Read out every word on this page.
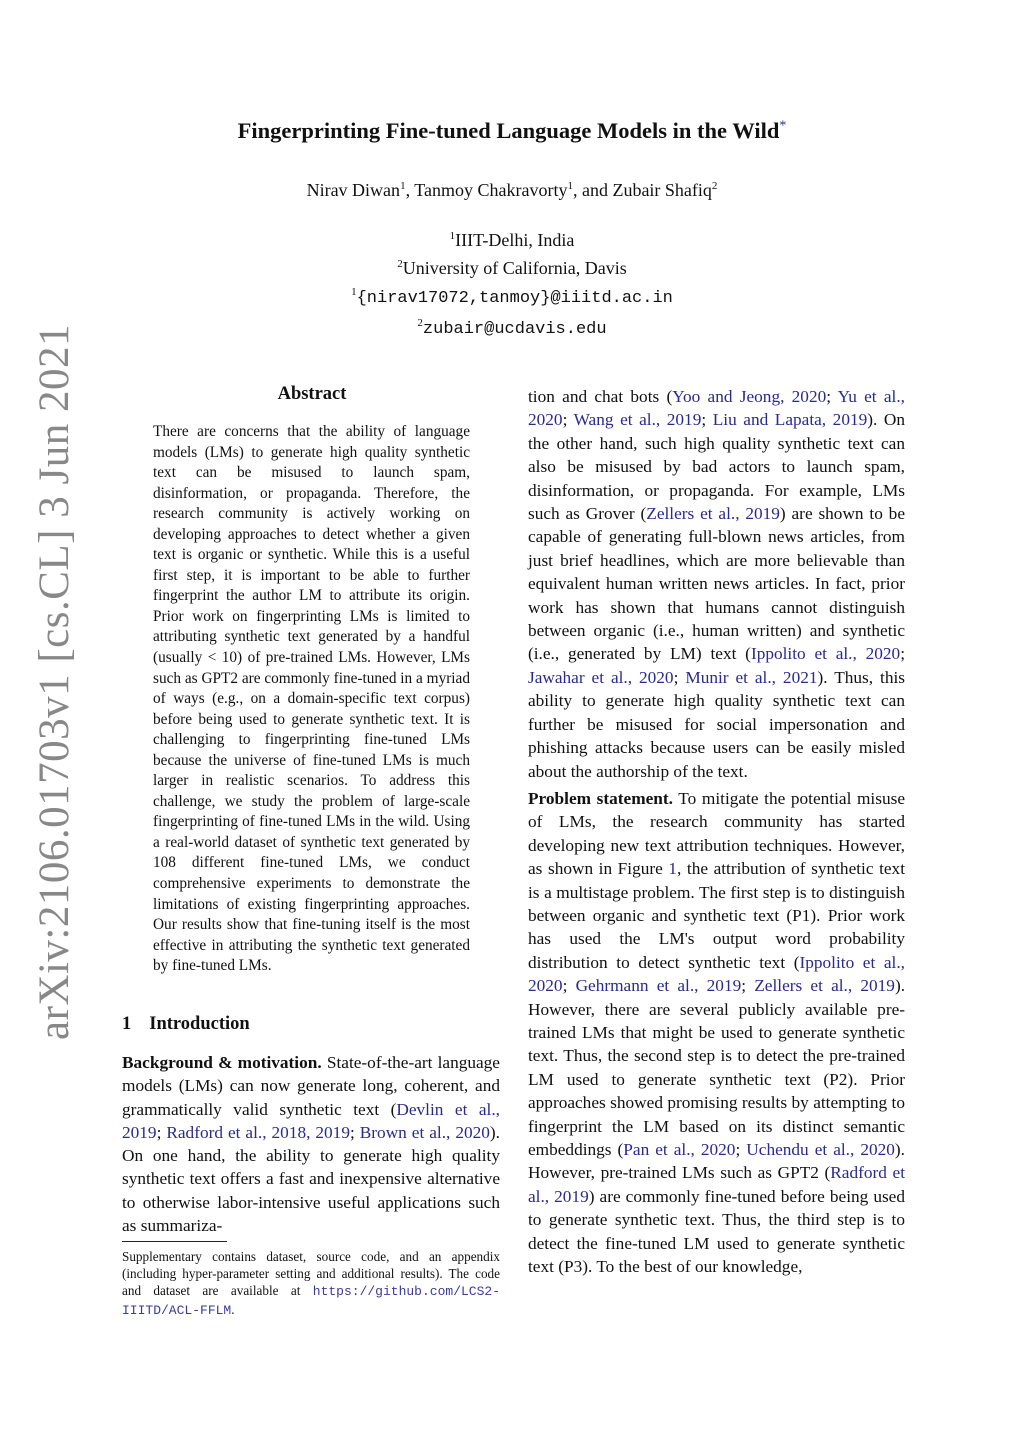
arXiv:2106.01703v1 [cs.CL] 3 Jun 2021
Fingerprinting Fine-tuned Language Models in the Wild*
Nirav Diwan$^1$, Tanmoy Chakravorty$^1$, and Zubair Shafiq$^2$
$^1$IIIT-Delhi, India
$^2$University of California, Davis
$^1${nirav17072,tanmoy}@iiitd.ac.in
$^2$zubair@ucdavis.edu
Abstract
There are concerns that the ability of language models (LMs) to generate high quality synthetic text can be misused to launch spam, disinformation, or propaganda. Therefore, the research community is actively working on developing approaches to detect whether a given text is organic or synthetic. While this is a useful first step, it is important to be able to further fingerprint the author LM to attribute its origin. Prior work on fingerprinting LMs is limited to attributing synthetic text generated by a handful (usually < 10) of pre-trained LMs. However, LMs such as GPT2 are commonly fine-tuned in a myriad of ways (e.g., on a domain-specific text corpus) before being used to generate synthetic text. It is challenging to fingerprinting fine-tuned LMs because the universe of fine-tuned LMs is much larger in realistic scenarios. To address this challenge, we study the problem of large-scale fingerprinting of fine-tuned LMs in the wild. Using a real-world dataset of synthetic text generated by 108 different fine-tuned LMs, we conduct comprehensive experiments to demonstrate the limitations of existing fingerprinting approaches. Our results show that fine-tuning itself is the most effective in attributing the synthetic text generated by fine-tuned LMs.
1 Introduction
Background & motivation. State-of-the-art language models (LMs) can now generate long, coherent, and grammatically valid synthetic text (Devlin et al., 2019; Radford et al., 2018, 2019; Brown et al., 2020). On one hand, the ability to generate high quality synthetic text offers a fast and inexpensive alternative to otherwise labor-intensive useful applications such as summariza-
Supplementary contains dataset, source code, and an appendix (including hyper-parameter setting and additional results). The code and dataset are available at https://github.com/LCS2-IIITD/ACL-FFLM.

tion and chat bots (Yoo and Jeong, 2020; Yu et al., 2020; Wang et al., 2019; Liu and Lapata, 2019). On the other hand, such high quality synthetic text can also be misused by bad actors to launch spam, disinformation, or propaganda. For example, LMs such as Grover (Zellers et al., 2019) are shown to be capable of generating full-blown news articles, from just brief headlines, which are more believable than equivalent human written news articles. In fact, prior work has shown that humans cannot distinguish between organic (i.e., human written) and synthetic (i.e., generated by LM) text (Ippolito et al., 2020; Jawahar et al., 2020; Munir et al., 2021). Thus, this ability to generate high quality synthetic text can further be misused for social impersonation and phishing attacks because users can be easily misled about the authorship of the text.

Problem statement. To mitigate the potential misuse of LMs, the research community has started developing new text attribution techniques. However, as shown in Figure 1, the attribution of synthetic text is a multistage problem. The first step is to distinguish between organic and synthetic text (P1). Prior work has used the LM's output word probability distribution to detect synthetic text (Ippolito et al., 2020; Gehrmann et al., 2019; Zellers et al., 2019). However, there are several publicly available pre-trained LMs that might be used to generate synthetic text. Thus, the second step is to detect the pre-trained LM used to generate synthetic text (P2). Prior approaches showed promising results by attempting to fingerprint the LM based on its distinct semantic embeddings (Pan et al., 2020; Uchendu et al., 2020). However, pre-trained LMs such as GPT2 (Radford et al., 2019) are commonly fine-tuned before being used to generate synthetic text. Thus, the third step is to detect the fine-tuned LM used to generate synthetic text (P3). To the best of our knowledge,
